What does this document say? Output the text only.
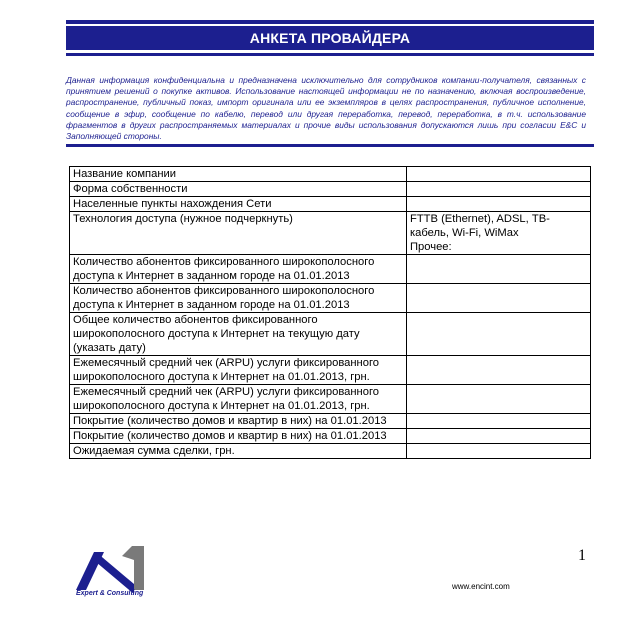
АНКЕТА ПРОВАЙДЕРА
Данная информация конфиденциальна и предназначена исключительно для сотрудников компании-получателя, связанных с принятием решений о покупке активов. Использование настоящей информации не по назначению, включая воспроизведение, распространение, публичный показ, импорт оригинала или ее экземпляров в целях распространения, публичное исполнение, сообщение в эфир, сообщение по кабелю, перевод или другая переработка, перевод, переработка, в т.ч. использование фрагментов в других распространяемых материалах и прочие виды использования допускаются лишь при согласии E&C и Заполняющей стороны.
Название компании	
Форма собственности	
Населенные пункты нахождения Сети	
Технология доступа (нужное подчеркнуть)	FTTB (Ethernet), ADSL, ТВ-кабель, Wi-Fi, WiMax
Прочее:
Количество абонентов фиксированного широкополосного доступа к Интернет в заданном городе на 01.01.2013	
Количество абонентов фиксированного широкополосного доступа к Интернет в заданном городе на 01.01.2013	
Общее количество абонентов фиксированного широкополосного доступа к Интернет на текущую дату (указать дату)	
Ежемесячный средний чек (ARPU) услуги фиксированного широкополосного доступа к Интернет на 01.01.2013, грн.	
Ежемесячный средний чек (ARPU) услуги фиксированного широкополосного доступа к Интернет на 01.01.2013, грн.	
Покрытие (количество домов и квартир в них) на 01.01.2013	
Покрытие (количество домов и квартир в них) на 01.01.2013	
Ожидаемая сумма сделки, грн.	
1
Expert & Consulting
www.encint.com
